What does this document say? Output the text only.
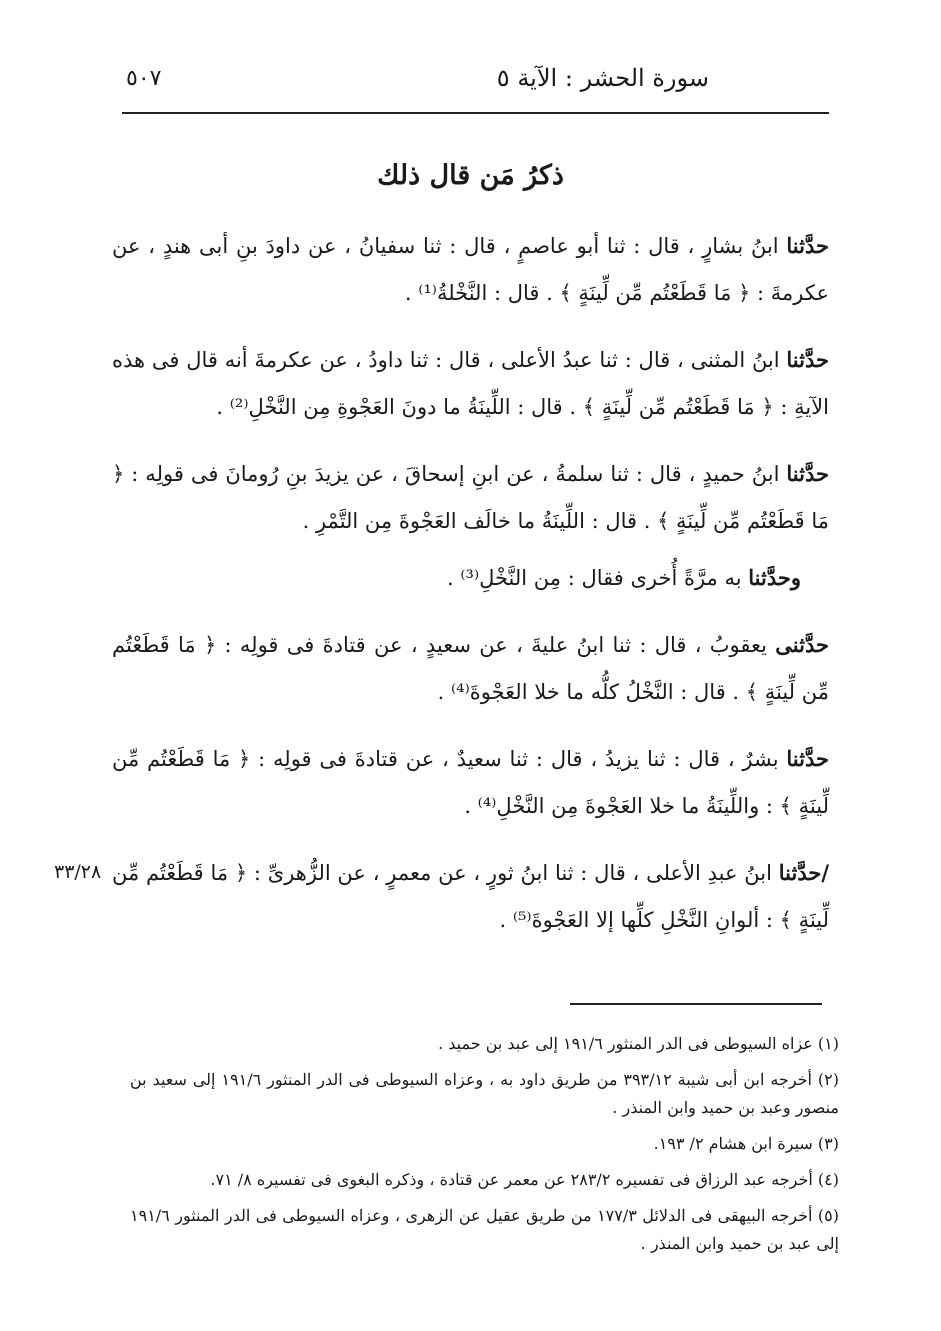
سورة الحشر : الآية ٥
٥٠٧
ذكرُ مَن قال ذلك

حدَّثنا ابنُ بشارٍ ، قال : ثنا أبو عاصمٍ ، قال : ثنا سفيانُ ، عن داودَ بنِ أبى هندٍ ، عن عكرمةَ : ﴿ مَا قَطَعْتُم مِّن لِّينَةٍ ﴾ . قال : النَّخْلةُ⁽¹⁾ .

حدَّثنا ابنُ المثنى ، قال : ثنا عبدُ الأعلى ، قال : ثنا داودُ ، عن عكرمةَ أنه قال فى هذه الآيةِ : ﴿ مَا قَطَعْتُم مِّن لِّينَةٍ ﴾ . قال : اللِّينَةُ ما دونَ العَجْوةِ مِن النَّخْلِ⁽²⁾ .

حدَّثنا ابنُ حميدٍ ، قال : ثنا سلمةُ ، عن ابنِ إسحاقَ ، عن يزيدَ بنِ رُومانَ فى قولِه : ﴿ مَا قَطَعْتُم مِّن لِّينَةٍ ﴾ . قال : اللِّينَةُ ما خالَف العَجْوةَ مِن التَّمْرِ .

وحدَّثنا به مرَّةً أُخرى فقال : مِن النَّخْلِ⁽³⁾ .

حدَّثنى يعقوبُ ، قال : ثنا ابنُ عليةَ ، عن سعيدٍ ، عن قتادةَ فى قولِه : ﴿ مَا قَطَعْتُم مِّن لِّينَةٍ ﴾ . قال : النَّخْلُ كلُّه ما خلا العَجْوةَ⁽⁴⁾ .

حدَّثنا بشرٌ ، قال : ثنا يزيدُ ، قال : ثنا سعيدٌ ، عن قتادةَ فى قولِه : ﴿ مَا قَطَعْتُم مِّن لِّينَةٍ ﴾ : واللِّينَةُ ما خلا العَجْوةَ مِن النَّخْلِ⁽⁴⁾ .

٣٣/٢٨	/حدَّثنا ابنُ عبدِ الأعلى ، قال : ثنا ابنُ ثورٍ ، عن معمرٍ ، عن الزُّهرىِّ : ﴿ مَا قَطَعْتُم مِّن لِّينَةٍ ﴾ : ألوانِ النَّخْلِ كلِّها إلا العَجْوةَ⁽⁵⁾ .

(١) عزاه السيوطى فى الدر المنثور ١٩١/٦ إلى عبد بن حميد .

(٢) أخرجه ابن أبى شيبة ٣٩٣/١٢ من طريق داود به ، وعزاه السيوطى فى الدر المنثور ١٩١/٦ إلى سعيد بن منصور وعبد بن حميد وابن المنذر .

(٣) سيرة ابن هشام ٢/ ١٩٣.

(٤) أخرجه عبد الرزاق فى تفسيره ٢٨٣/٢ عن معمر عن قتادة ، وذكره البغوى فى تفسيره ٨/ ٧١.

(٥) أخرجه البيهقى فى الدلائل ١٧٧/٣ من طريق عقيل عن الزهرى ، وعزاه السيوطى فى الدر المنثور ١٩١/٦ إلى عبد بن حميد وابن المنذر .
